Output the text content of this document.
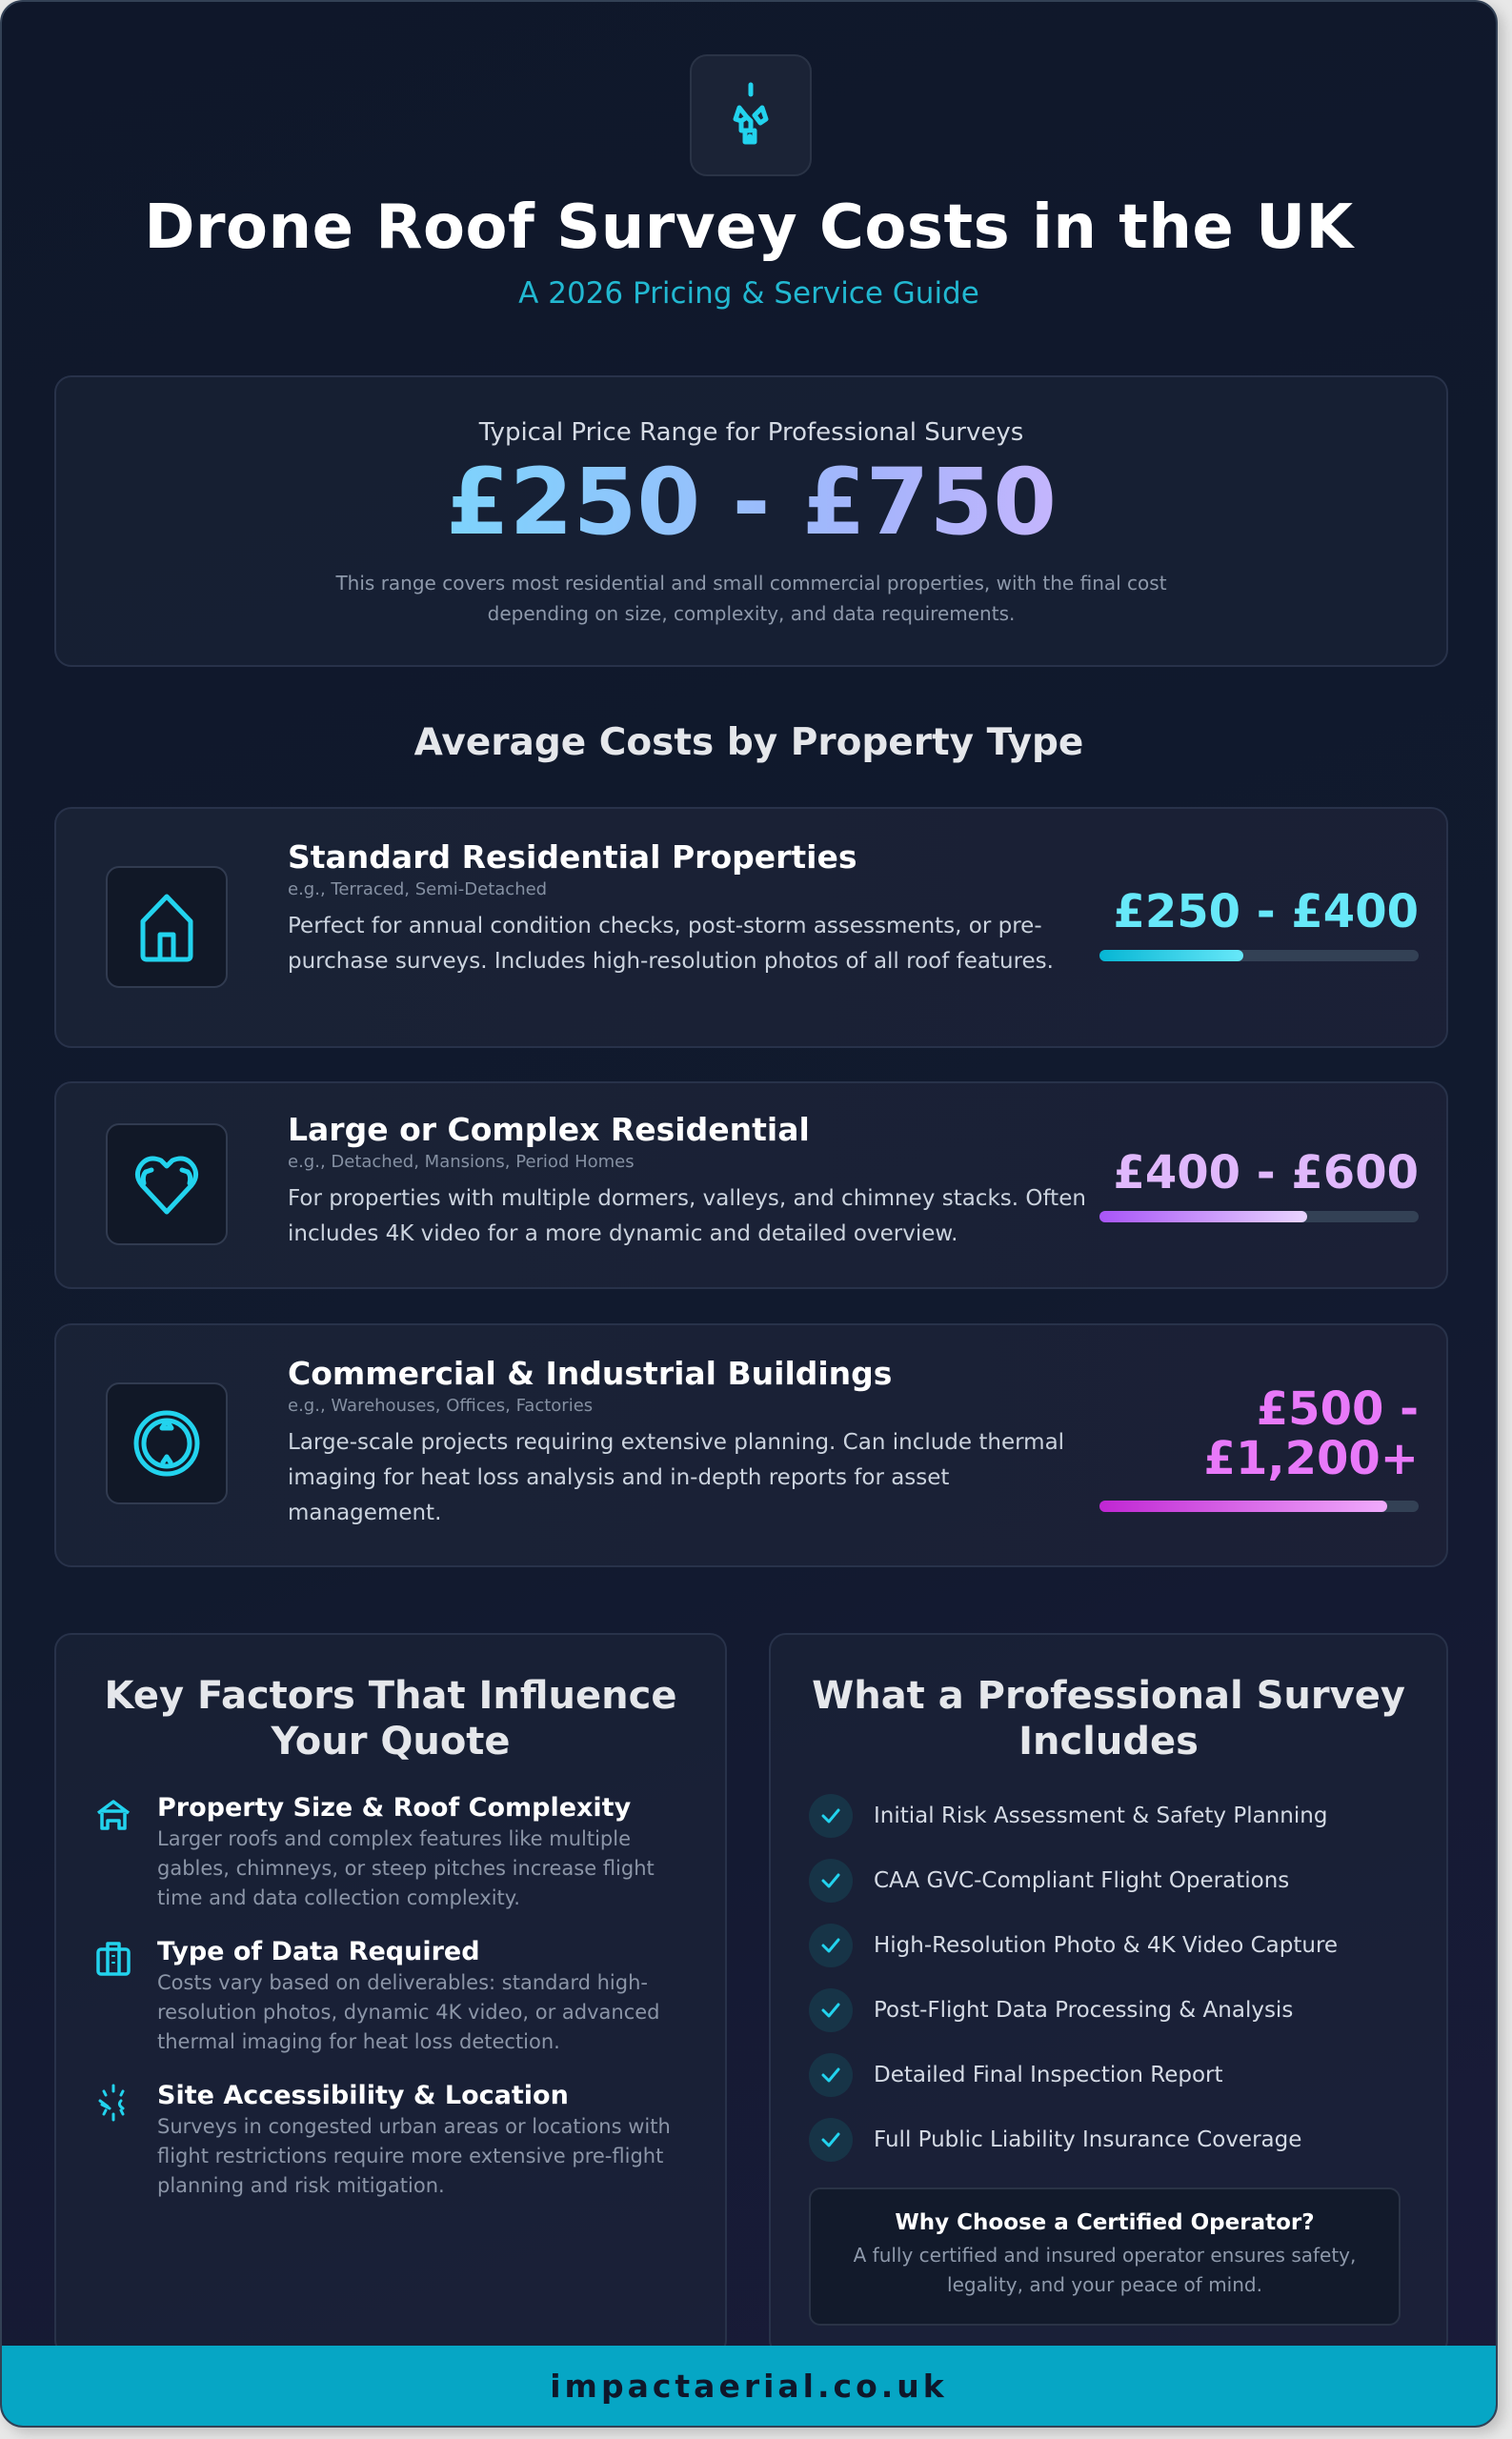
Drone Roof Survey Costs in the UK
A 2026 Pricing & Service Guide
Typical Price Range for Professional Surveys
£250 - £750
This range covers most residential and small commercial properties, with the final cost depending on size, complexity, and data requirements.
Average Costs by Property Type
Standard Residential Properties
e.g., Terraced, Semi-Detached
Perfect for annual condition checks, post-storm assessments, or pre-purchase surveys. Includes high-resolution photos of all roof features.
£250 - £400
Large or Complex Residential
e.g., Detached, Mansions, Period Homes
For properties with multiple dormers, valleys, and chimney stacks. Often includes 4K video for a more dynamic and detailed overview.
£400 - £600
Commercial & Industrial Buildings
e.g., Warehouses, Offices, Factories
Large-scale projects requiring extensive planning. Can include thermal imaging for heat loss analysis and in-depth reports for asset management.
£500 -
£1,200+
Key Factors That Influence Your Quote
Property Size & Roof Complexity
Larger roofs and complex features like multiple gables, chimneys, or steep pitches increase flight time and data collection complexity.
Type of Data Required
Costs vary based on deliverables: standard high-resolution photos, dynamic 4K video, or advanced thermal imaging for heat loss detection.
Site Accessibility & Location
Surveys in congested urban areas or locations with flight restrictions require more extensive pre-flight planning and risk mitigation.
What a Professional Survey Includes
Initial Risk Assessment & Safety Planning
CAA GVC-Compliant Flight Operations
High-Resolution Photo & 4K Video Capture
Post-Flight Data Processing & Analysis
Detailed Final Inspection Report
Full Public Liability Insurance Coverage
Why Choose a Certified Operator?
A fully certified and insured operator ensures safety, legality, and your peace of mind.
impactaerial.co.uk
